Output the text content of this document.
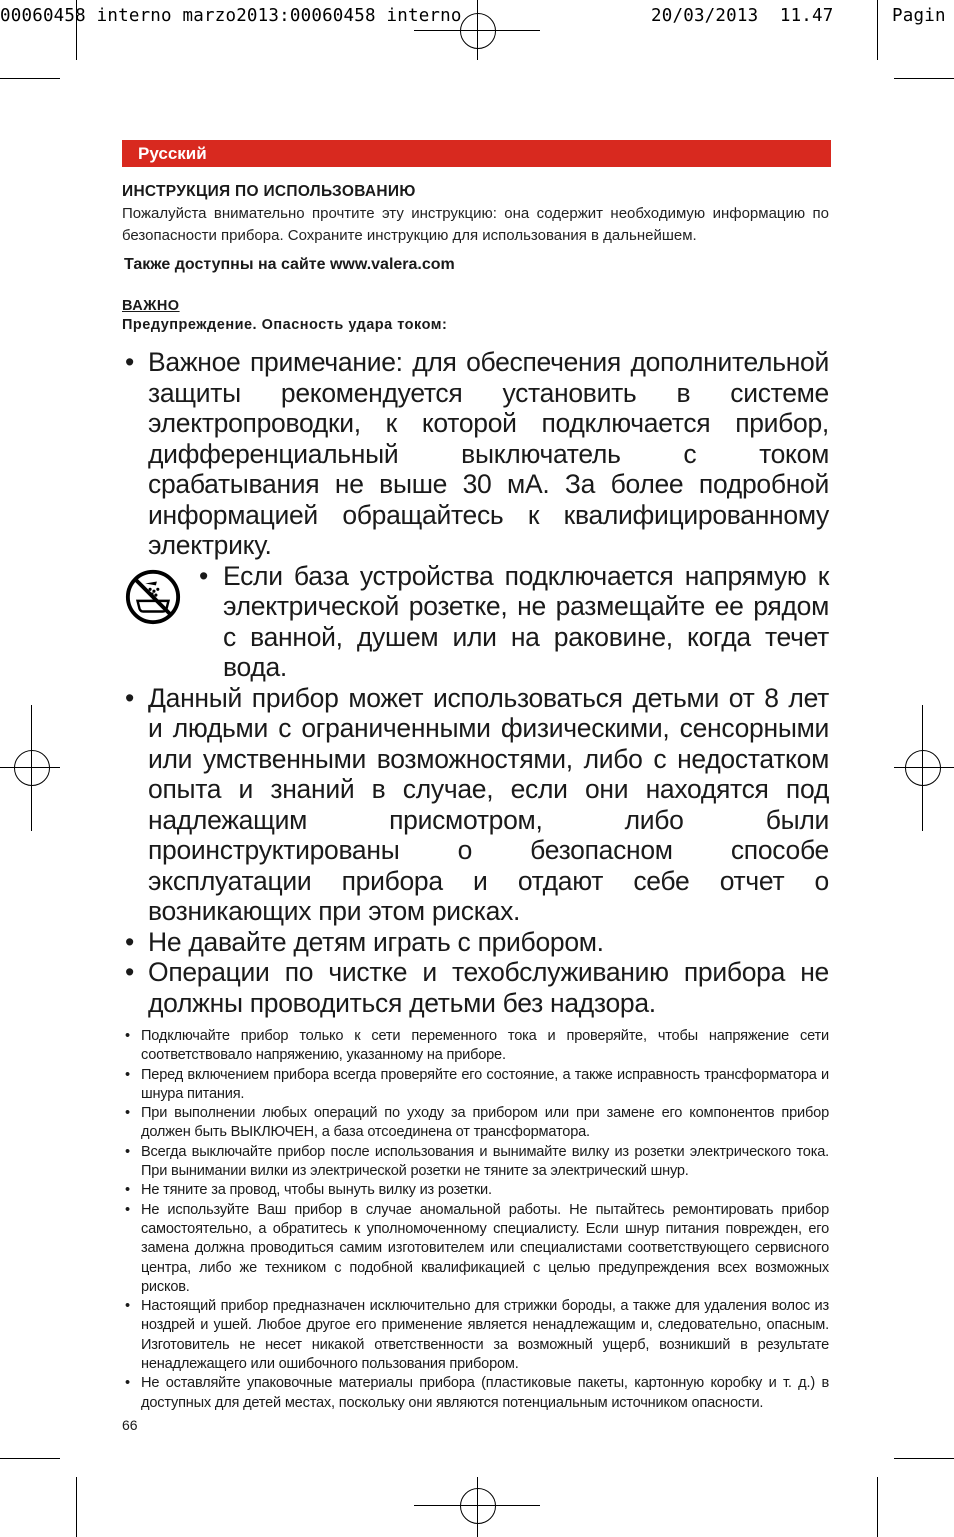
00060458 interno marzo2013:00060458 interno

	20/03/2013  11.47

	Pagin

Русский
ИНСТРУКЦИЯ ПО ИСПОЛЬЗОВАНИЮ

Пожалуйста внимательно прочтите эту инструкцию: она содержит необходимую информацию по безопасности прибора. Сохраните инструкцию для использования в дальнейшем.

Также доступны на сайте www.valera.com
ВАЖНО
Предупреждение. Опасность удара током:
• Важное примечание: для обеспечения дополнительной защиты рекомендуется установить в системе электропроводки, к которой подключается прибор, дифференциальный выключатель с током срабатывания не выше 30 мА. За более подробной информацией обращайтесь к квалифицированному электрику.
• Если база устройства подключается напрямую к электрической розетке, не размещайте ее рядом с ванной, душем или на раковине, когда течет вода.
• Данный прибор может использоваться детьми от 8 лет и людьми с ограниченными физическими, сенсорными или умственными возможностями, либо с недостатком опыта и знаний в случае, если они находятся под надлежащим присмотром, либо были проинструктированы о безопасном способе эксплуатации прибора и отдают себе отчет о возникающих при этом рисках.
• Не давайте детям играть с прибором.
• Операции по чистке и техобслуживанию прибора не должны проводиться детьми без надзора.
• Подключайте прибор только к сети переменного тока и проверяйте, чтобы напряжение сети соответствовало напряжению, указанному на приборе.
• Перед включением прибора всегда проверяйте его состояние, а также исправность трансформатора и шнура питания.
• При выполнении любых операций по уходу за прибором или при замене его компонентов прибор должен быть ВЫКЛЮЧЕН, а база отсоединена от трансформатора.
• Всегда выключайте прибор после использования и вынимайте вилку из розетки электрического тока. При вынимании вилки из электрической розетки не тяните за электрический шнур.
• Не тяните за провод, чтобы вынуть вилку из розетки.
• Не используйте Ваш прибор в случае аномальной работы. Не пытайтесь ремонтировать прибор самостоятельно, а обратитесь к уполномоченному специалисту. Если шнур питания поврежден, его замена должна проводиться самим изготовителем или специалистами соответствующего сервисного центра, либо же техником с подобной квалификацией с целью предупреждения всех возможных рисков.
• Настоящий прибор предназначен исключительно для стрижки бороды, а также для удаления волос из ноздрей и ушей. Любое другое его применение является ненадлежащим и, следовательно, опасным. Изготовитель не несет никакой ответственности за возможный ущерб, возникший в результате ненадлежащего или ошибочного пользования прибором.
• Не оставляйте упаковочные материалы прибора (пластиковые пакеты, картонную коробку и т. д.) в доступных для детей местах, поскольку они являются потенциальным источником опасности.
66
